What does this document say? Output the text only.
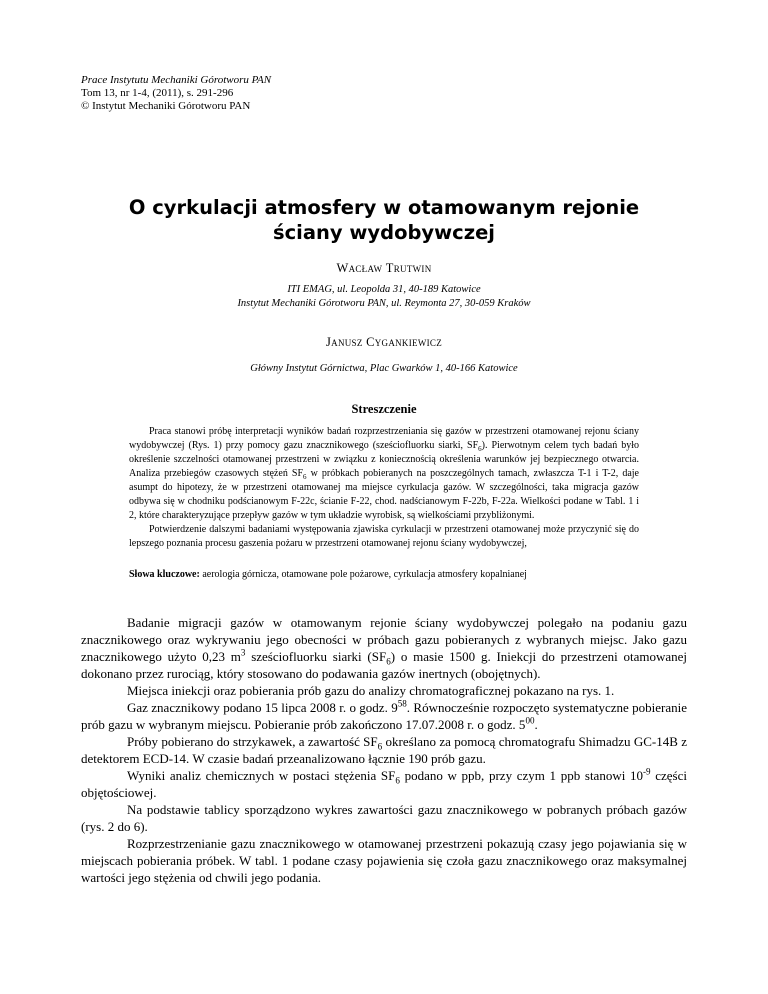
Prace Instytutu Mechaniki Górotworu PAN
Tom 13, nr 1-4, (2011), s. 291-296
© Instytut Mechaniki Górotworu PAN
O cyrkulacji atmosfery w otamowanym rejonie
ściany wydobywczej
Wacław Trutwin
ITI EMAG, ul. Leopolda 31, 40-189 Katowice
Instytut Mechaniki Górotworu PAN, ul. Reymonta 27, 30-059 Kraków
Janusz Cygankiewicz
Główny Instytut Górnictwa, Plac Gwarków 1, 40-166 Katowice
Streszczenie

Praca stanowi próbę interpretacji wyników badań rozprzestrzeniania się gazów w przestrzeni otamowanej rejonu ściany wydobywczej (Rys. 1) przy pomocy gazu znacznikowego (sześciofluorku siarki, $SF_6$). Pierwotnym celem tych badań było określenie szczelności otamowanej przestrzeni w związku z koniecznością określenia warunków jej bezpiecznego otwarcia. Analiza przebiegów czasowych stężeń $SF_6$ w próbkach pobieranych na poszczególnych tamach, zwłaszcza T-1 i T-2, daje asumpt do hipotezy, że w przestrzeni otamowanej ma miejsce cyrkulacja gazów. W szczególności, taka migracja gazów odbywa się w chodniku podścianowym F-22c, ścianie F-22, chod. nadścianowym F-22b, F-22a. Wielkości podane w Tabl. 1 i 2, które charakteryzujące przepływ gazów w tym układzie wyrobisk, są wielkościami przybliżonymi.

Potwierdzenie dalszymi badaniami występowania zjawiska cyrkulacji w przestrzeni otamowanej może przyczynić się do lepszego poznania procesu gaszenia pożaru w przestrzeni otamowanej rejonu ściany wydobywczej,

Słowa kluczowe: aerologia górnicza, otamowane pole pożarowe, cyrkulacja atmosfery kopalnianej

Badanie migracji gazów w otamowanym rejonie ściany wydobywczej polegało na podaniu gazu znacznikowego oraz wykrywaniu jego obecności w próbach gazu pobieranych z wybranych miejsc. Jako gazu znacznikowego użyto 0,23 $m^3$ sześciofluorku siarki $(SF_6)$ o masie 1500 g. Iniekcji do przestrzeni otamowanej dokonano przez rurociąg, który stosowano do podawania gazów inertnych (obojętnych).

Miejsca iniekcji oraz pobierania prób gazu do analizy chromatograficznej pokazano na rys. 1.

Gaz znacznikowy podano 15 lipca 2008 r. o godz. $9^{58}$. Równocześnie rozpoczęto systematyczne pobieranie prób gazu w wybranym miejscu. Pobieranie prób zakończono 17.07.2008 r. o godz. $5^{00}$.

Próby pobierano do strzykawek, a zawartość $SF_6$ określano za pomocą chromatografu Shimadzu GC-14B z detektorem ECD-14. W czasie badań przeanalizowano łącznie 190 prób gazu.

Wyniki analiz chemicznych w postaci stężenia $SF_6$ podano w ppb, przy czym 1 ppb stanowi $10^{-9}$ części objętościowej.

Na podstawie tablicy sporządzono wykres zawartości gazu znacznikowego w pobranych próbach gazów (rys. 2 do 6).

Rozprzestrzenianie gazu znacznikowego w otamowanej przestrzeni pokazują czasy jego pojawiania się w miejscach pobierania próbek. W tabl. 1 podane czasy pojawienia się czoła gazu znacznikowego oraz maksymalnej wartości jego stężenia od chwili jego podania.
